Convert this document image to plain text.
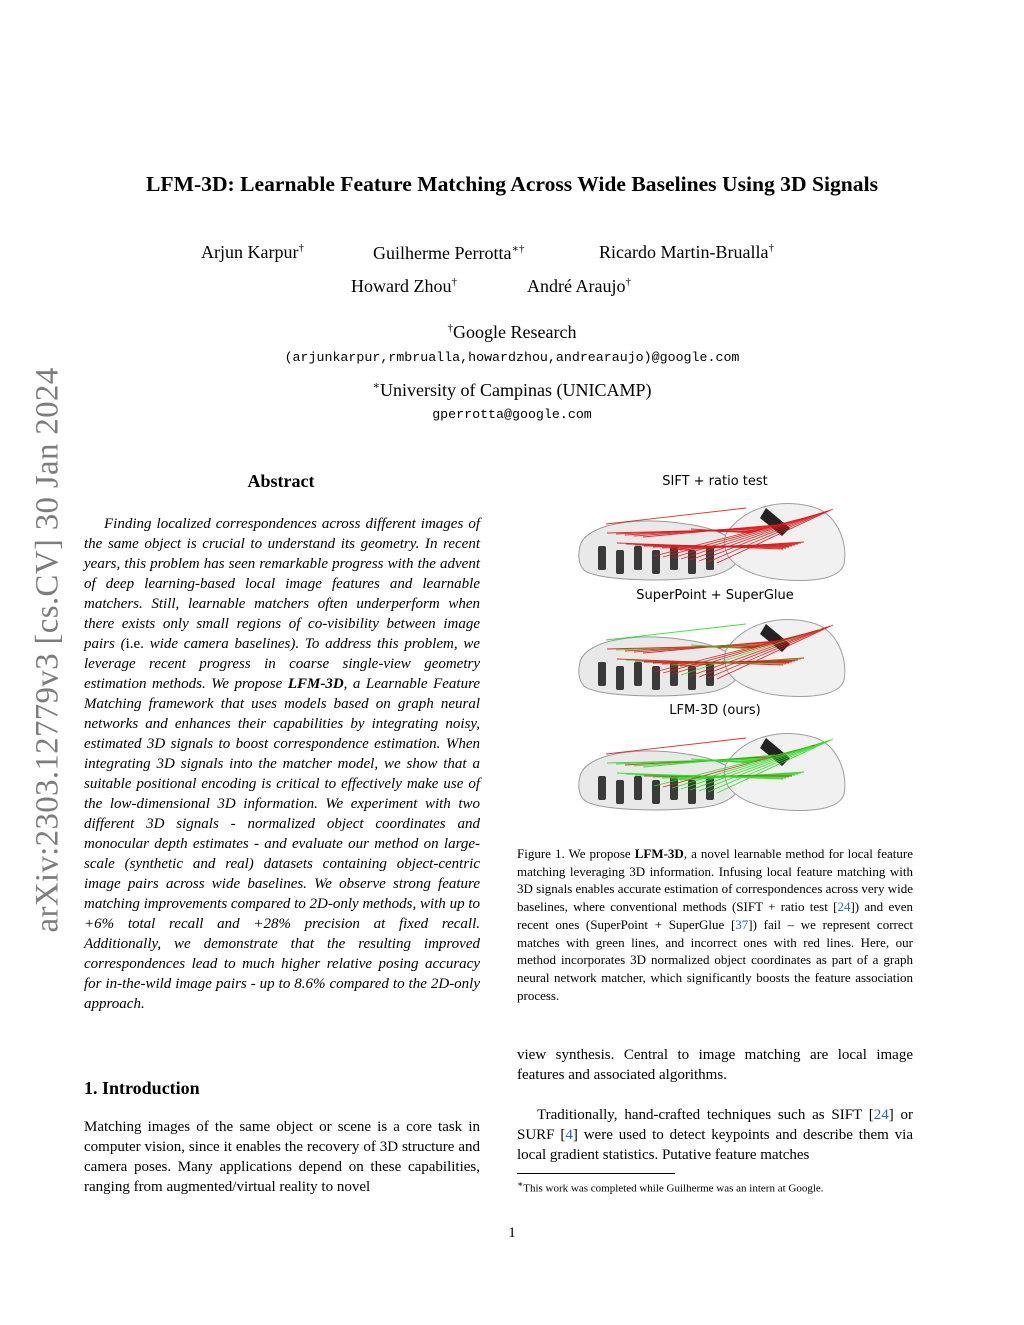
arXiv:2303.12779v3 [cs.CV] 30 Jan 2024
LFM-3D: Learnable Feature Matching Across Wide Baselines Using 3D Signals
Arjun Karpur†	Guilherme Perrotta∗†	Ricardo Martin-Brualla†
Howard Zhou†	André Araujo†
†Google Research
(arjunkarpur,rmbrualla,howardzhou,andrearaujo)@google.com
∗University of Campinas (UNICAMP)
gperrotta@google.com
Abstract

Finding localized correspondences across different images of the same object is crucial to understand its geometry. In recent years, this problem has seen remarkable progress with the advent of deep learning-based local image features and learnable matchers. Still, learnable matchers often underperform when there exists only small regions of co-visibility between image pairs (i.e. wide camera baselines). To address this problem, we leverage recent progress in coarse single-view geometry estimation methods. We propose LFM-3D, a Learnable Feature Matching framework that uses models based on graph neural networks and enhances their capabilities by integrating noisy, estimated 3D signals to boost correspondence estimation. When integrating 3D signals into the matcher model, we show that a suitable positional encoding is critical to effectively make use of the low-dimensional 3D information. We experiment with two different 3D signals - normalized object coordinates and monocular depth estimates - and evaluate our method on large-scale (synthetic and real) datasets containing object-centric image pairs across wide baselines. We observe strong feature matching improvements compared to 2D-only methods, with up to +6% total recall and +28% precision at fixed recall. Additionally, we demonstrate that the resulting improved correspondences lead to much higher relative posing accuracy for in-the-wild image pairs - up to 8.6% compared to the 2D-only approach.

1. Introduction

Matching images of the same object or scene is a core task in computer vision, since it enables the recovery of 3D structure and camera poses. Many applications depend on these capabilities, ranging from augmented/virtual reality to novel

SIFT + ratio test
SuperPoint + SuperGlue
LFM-3D (ours)

Figure 1. We propose LFM-3D, a novel learnable method for local feature matching leveraging 3D information. Infusing local feature matching with 3D signals enables accurate estimation of correspondences across very wide baselines, where conventional methods (SIFT + ratio test [24]) and even recent ones (SuperPoint + SuperGlue [37]) fail – we represent correct matches with green lines, and incorrect ones with red lines. Here, our method incorporates 3D normalized object coordinates as part of a graph neural network matcher, which significantly boosts the feature association process.

view synthesis. Central to image matching are local image features and associated algorithms.

Traditionally, hand-crafted techniques such as SIFT [24] or SURF [4] were used to detect keypoints and describe them via local gradient statistics. Putative feature matches

∗This work was completed while Guilherme was an intern at Google.
1
